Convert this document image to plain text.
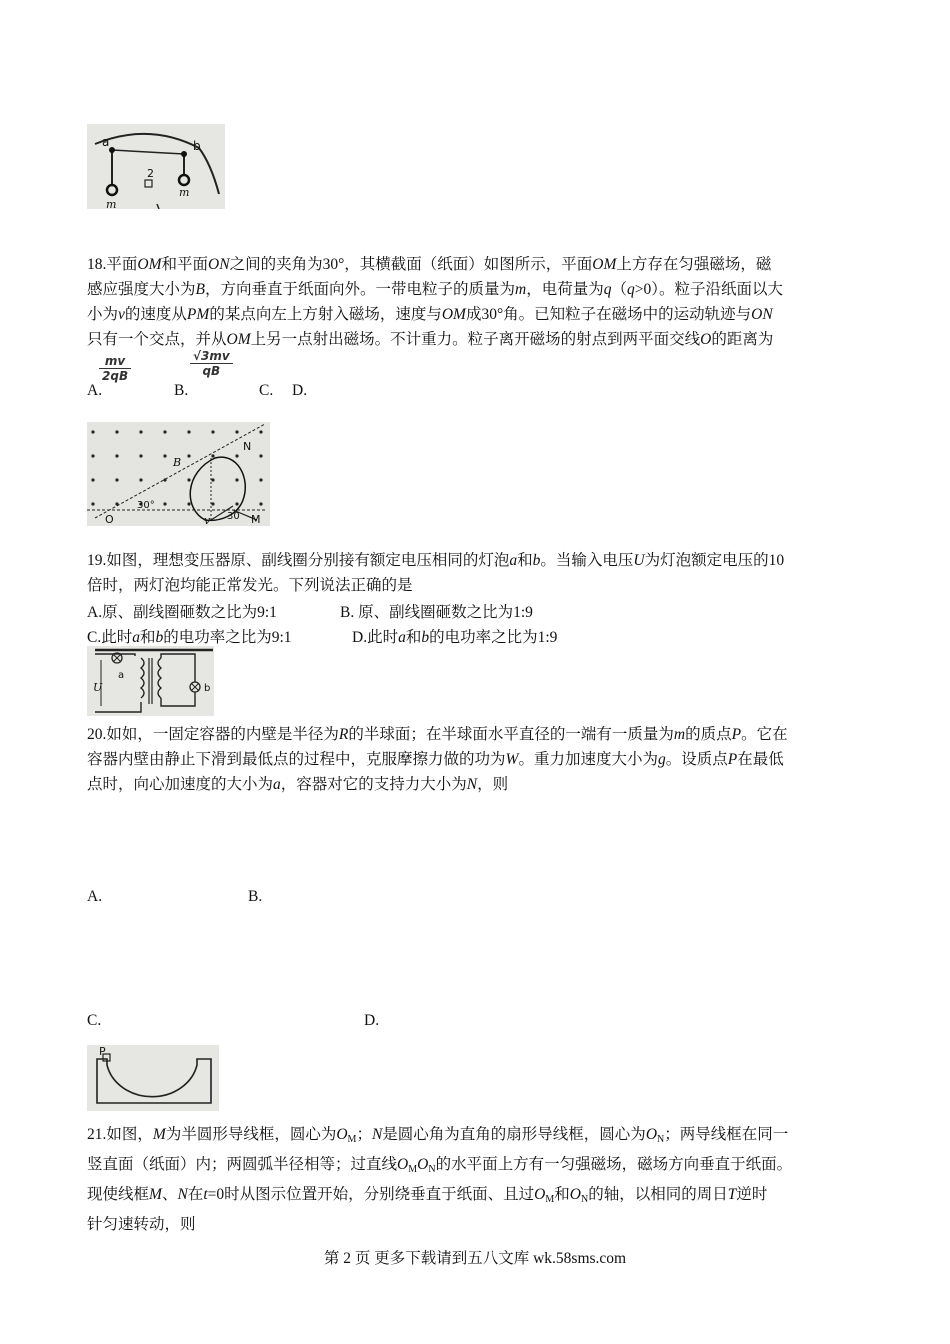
a	b
2
m
m
18.平面OM和平面ON之间的夹角为30°，其横截面（纸面）如图所示，平面OM上方存在匀强磁场，磁
感应强度大小为B，方向垂直于纸面向外。一带电粒子的质量为m，电荷量为q（q>0）。粒子沿纸面以大
小为v的速度从PM的某点向左上方射入磁场，速度与OM成30°角。已知粒子在磁场中的运动轨迹与ON
只有一个交点，并从OM上另一点射出磁场。不计重力。粒子离开磁场的射点到两平面交线O的距离为
$\frac{mv}{2qB}$	$\frac{√3mv}{qB}$
A.	B.	C. D.
N
B
30°
30
O	v	M
19.如图，理想变压器原、副线圈分别接有额定电压相同的灯泡a和b。当输入电压U为灯泡额定电压的10
倍时，两灯泡均能正常发光。下列说法正确的是
A.原、副线圈砸数之比为9:1	B. 原、副线圈砸数之比为1:9
C.此时a和b的电功率之比为9:1	D.此时a和b的电功率之比为1:9
U
a
b
20.如如，一固定容器的内壁是半径为R的半球面；在半球面水平直径的一端有一质量为m的质点P。它在
容器内壁由静止下滑到最低点的过程中，克服摩擦力做的功为W。重力加速度大小为g。设质点P在最低
点时，向心加速度的大小为a，容器对它的支持力大小为N，则
A.	B.
C.	D.
P
21.如图，M为半圆形导线框，圆心为$O_M$；N是圆心角为直角的扇形导线框，圆心为$O_N$；两导线框在同一
竖直面（纸面）内；两圆弧半径相等；过直线$O_MO_N$的水平面上方有一匀强磁场，磁场方向垂直于纸面。
现使线框M、N在t=0时从图示位置开始，分别绕垂直于纸面、且过$O_M$和$O_N$的轴，以相同的周日T逆时
针匀速转动，则
第 2 页 更多下载请到五八文库 wk.58sms.com
